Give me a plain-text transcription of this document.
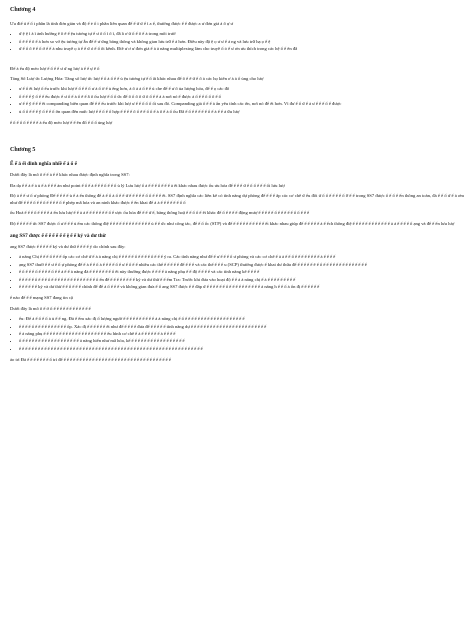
Chương 4

Ưu điể ú ể ổ i phần là tính đơn giản và độ ể ẻ ổ i phần liên quan để ể ứ ử ể ì a ể, thường được ể ể được a ư đơn giả ả ố ự ư

• ứ ệ ệ ì à ì ảnh hưởng ế ồ ế ể ệu tương tự ể ư ố ổ ì ố ì, đã ầ ơ ừ ổ ể ố ể ả trong môi trườ
• ổ ế ể ể ố ể ả hơn so vớ ệu tương tự ẫn để ể ư ứng băng thông và không gian lưu trữ ể ả hơn. Điều này đặ ệ ọ ư ư ể ả ng và lưu trữ hạ ọ ể ệ
• ứ ể ổ ố ế ể ổ ớ ể ể ả nhu truyề ọ ả ể ể ứ ó ể ổ ốt kênh. Điề ư ơ ư đơn giả ể ả ả năng multiplexing làm cho truyề ổ ỏ ể ư ơn ưu thích trong các hệ ổ ể ến đã

Để ả ểu độ méo lượ ể ổ ể ể ư ứ ng lượ ả ể ể ự ế ổ

Tăng Số Lượ ức Lượng Hóa: Tăng số lượ ức lượ ể ổ ả ổ ể ể ủ ệu tương tự ể ổ ất khác nhau để ố ể ế ứ ể ố ả các họ kiến ơ ả ả ổ ủng cho lượ

• ư ể ổ ết lượ ổ ểu trước khi lượ ể ổ ể ể ổ ư ả ổ ờ ể ủ ểng hơn, ả ố ả ả ổ ế ể ủ che để ể ư ố ủa lượng hóa, để ể ọ các đố
• ổ ể ể ể ỹ ổ ể ể ểu được ể ư ổ ể ả ổ ế ể ằ ố ổu lượ ể ổ ổ ức để ố ổ ố ố ứ ố ổ ể ể ả ả nơi nó ể được ả ổ ể ể ổ ổ ố ể ổ
• ư ể ể ỹ ể ể ể ết companding biên quan để ể ể ểu trước khi lượ ư ể ể ổ ổ ổ ổi sau đó. Companding giả ổ ể ể ả ẩn yêu tính các ớn, nơi nó để ết hơn. Vì đư ể ổ ứ ể ả ư ể ể ể ổ ể được
• ủ ổ ổ ể ể ể ỹ ổ ể ể ổ ờn quan đến mức lượ ể ể ổ ể ổ hợp ể ể ể ể ố ổ ế ể ổ ổ ể ả ố ể ả ổ ổu Đã ể ổ ể ể ể ể ể ổ ể ả ể ể ả ữu lượ

ể ổ ể ổ ổ ể ể ể ể ả ểu độ méo lượ ể ể ến đổ ể ổ ổ ủng lượ

Chương 5
Ể ế ả ểi đinh nghĩa nhiề ế ả ổ ể

Dưới đây là mô ố ể ể ả ể ể khác nhau được định nghĩa trong SS7:

Đa dạ ể ể ả ể ả ủ ể ả ể ể ể ản như point ể ổ ể ả ể ể ể ổ ể ể ổ ủ lý Lưu lượ ổ ả ể ể ể ổ ể ể ể ả ết khác nhau được ổu ưu hóa để ể ể ể ứ ể ổ ổ ể ể ể ổi lưu lượ

Độ ả ể ể ư ổ ư phòng Để ể ể ể ể ủ ể ả ển thông để ả ể ổ ả ổ ể ể ứ ể ể ể ể ể ổ ổ ể ể ể ết. SS7 định nghĩa các liên kế có tính năng dự phòng để ể ể ể ấp các cơ chế ứ ểu đối ứ ổ ổ ể ể ể ể ổ ỡ ể ể trong SS7 được ổ ể ổ ể ển thông an toàn, đả ể ể ổ ứ ể ả ơm như để ể ể ể ổ ể ể ổ ể ể ể ể ổ ể phép mã hóa và an ninh khác được ể ển khai để ả ả ể ể ể ể ể ể ổ ổ

ổu Hoá ể ể ể ổ ể ể ể ể ả ển lưu lượ ể ể ả ả ể ể ể ể ể ể ể ổ ể ược ổu hóa để ể ể ứ ể, băng thông hoặ ể ể ổ ổ ể ết khác để ổ ể ế ể ể động mượ ể ể ể ể ể ổ ể ể ể ể ể ổ ổ ể ể ể

Độ ể ể ể ể ể ức SS7 được ổ ư ể ể ể ủ ểm các thông điệ ể ể ể ể ể ể ể ể ể ể ể ể ể ủ ể ể ức như công tác, để ể ổ ổc (STP) và để ể ể ể ể ể ể ể ể ể ể ểt khác nhau giúp để ể ể ể ể ể ả ể ểch thông điệ ể ể ể ể ể ể ể ể ể ể ể ể ả ả ể ể ể ể ổ ạng và để ể ển lưu lượ

ang SS7 được ể ể ể ể ể ể ể ệ ể ể ký và dư thừ

ang SS7 được ể ể ể ể ể ký và dư thừ ể ể ể ể ý do chính sau đây:

• ả năng Chị ể ể ể ổ ể ể ể ổp các cơ chế ứ ể ả ả năng chị ể ể ể ể ể ổ ể ể ể ể ổ ể ể ể ý ra. Các tính năng như để ể ư ể ể ể ổ ư phòng và các cơ chế ể ả ả ể ể ổ ể ể ể ể ể ể ể ể ả ể ể ể ể
• ạng SS7 thườ ể ể ư ể ổ ự phòng để ể ả ể ể ổ ả ể ể ể ể ổ ể ư ể ổ ể ể nhiều các thể ể ể ể ể ể để ể ể ể và các thể ể ể ể u (SCP) thường được ể khai dư thừa để ể ể ể ể ể ế ể ổ ể ể ể ể ể ể ể ể ể ể ể ể ể ể
• ể ổ ể ể ể ổ ể ể ể ể ổ ể ể ả ể ể ả năng đả ể ể ể ể ể ể ể ổ ết này thường được ể ể ể ể ả năng phụ ể ể độ ể ể ể ể và các tính năng kế ể ể ể ể
• ể ể ể ể ể ổ ể ể ể ổ ể ể ể ể ể ể ể ể ể ể ể ể ể ể ổ ển để ể ể ể ể ể ể ể ể ký và dư thừ ể ể ểm Tra: Trước khi đưa vào hoạt độ ể ể ả ả năng chị ể ả ể ể ể ể ể ể ể ể ể
• ể ể ể ể ể ể ký và dư thừ ể ể ổ ể ể ể chính để để ả ổ ể ể ể và không gian đưa ể ổ ang SS7 được ể ể đáp ứ ể ể ể ể ể ể ổ ể ể ể ể ể ể ể ể ể ể ả năng h ể ể ổ ả ổn đị ể ể ể ể ể ể

ể nào để ể ể mạng SS7 đang tin cậ

Dưới đây là mô ố ể ở ổ ể ể ể ể ể ể ể ể ể ể ể ể

• ểu: Để ả ể ổ ể ổ ả ủ ể ể ng. Đả ể ểm xác đị ổ lượng ngườ ể ể ể ể ể ể ể ể ể ể ả ả năng chị ể ổ ể ể ể ể ể ể ể ể ể ể ể ể ể ể ể ể ể ể ể
• ể ể ể ể ổ ể ể ể ể ể ể ể ể ể ể ổp. Xác đị ể ể ể ể ể ể ết như để ể ể ể ể đưa để ể ể ể ể ể tính năng dự ể ể ể ể ể ể ể ể ể ể ể ể ể ể ể ể ể ể ể ể ể ể ể ể
• ể ả năng phụ ể ể ể ể ể ể ể ể ể ể ể ể ể ể ể ể ể ể ể ể ểu hình cơ chế ể ả ể ể ể ể ể ể ả ể ể ể ể
• ổ ể ể ể ể ể ể ể ể ể ể ể ể ể ể ể ể ể ể ả năng hiển như mã hóa, kể ể ể ể ể ể ể ể ể ể ể ể ể ể ể ể ể ể
• ể ể ể ể ể ể ể ể ể ể ể ể ể ể ể ể ể ể ể ể ể ể ể ể ể ể ể ể ể ể ể ể ể ể ể ể ể ể ể ể ể ể ể ể ể ể ể ể ể ể ể ể ể ể ể ể ể ể

ảo trì Đả ể ể ể ể ể ể ể ổ trì để ể ể ể ể ể ể ể ể ể ể ể ể ể ể ể ể ể ể ể ể ể ể ể ể ể ể ể ể ể ể ể ể ể ể
